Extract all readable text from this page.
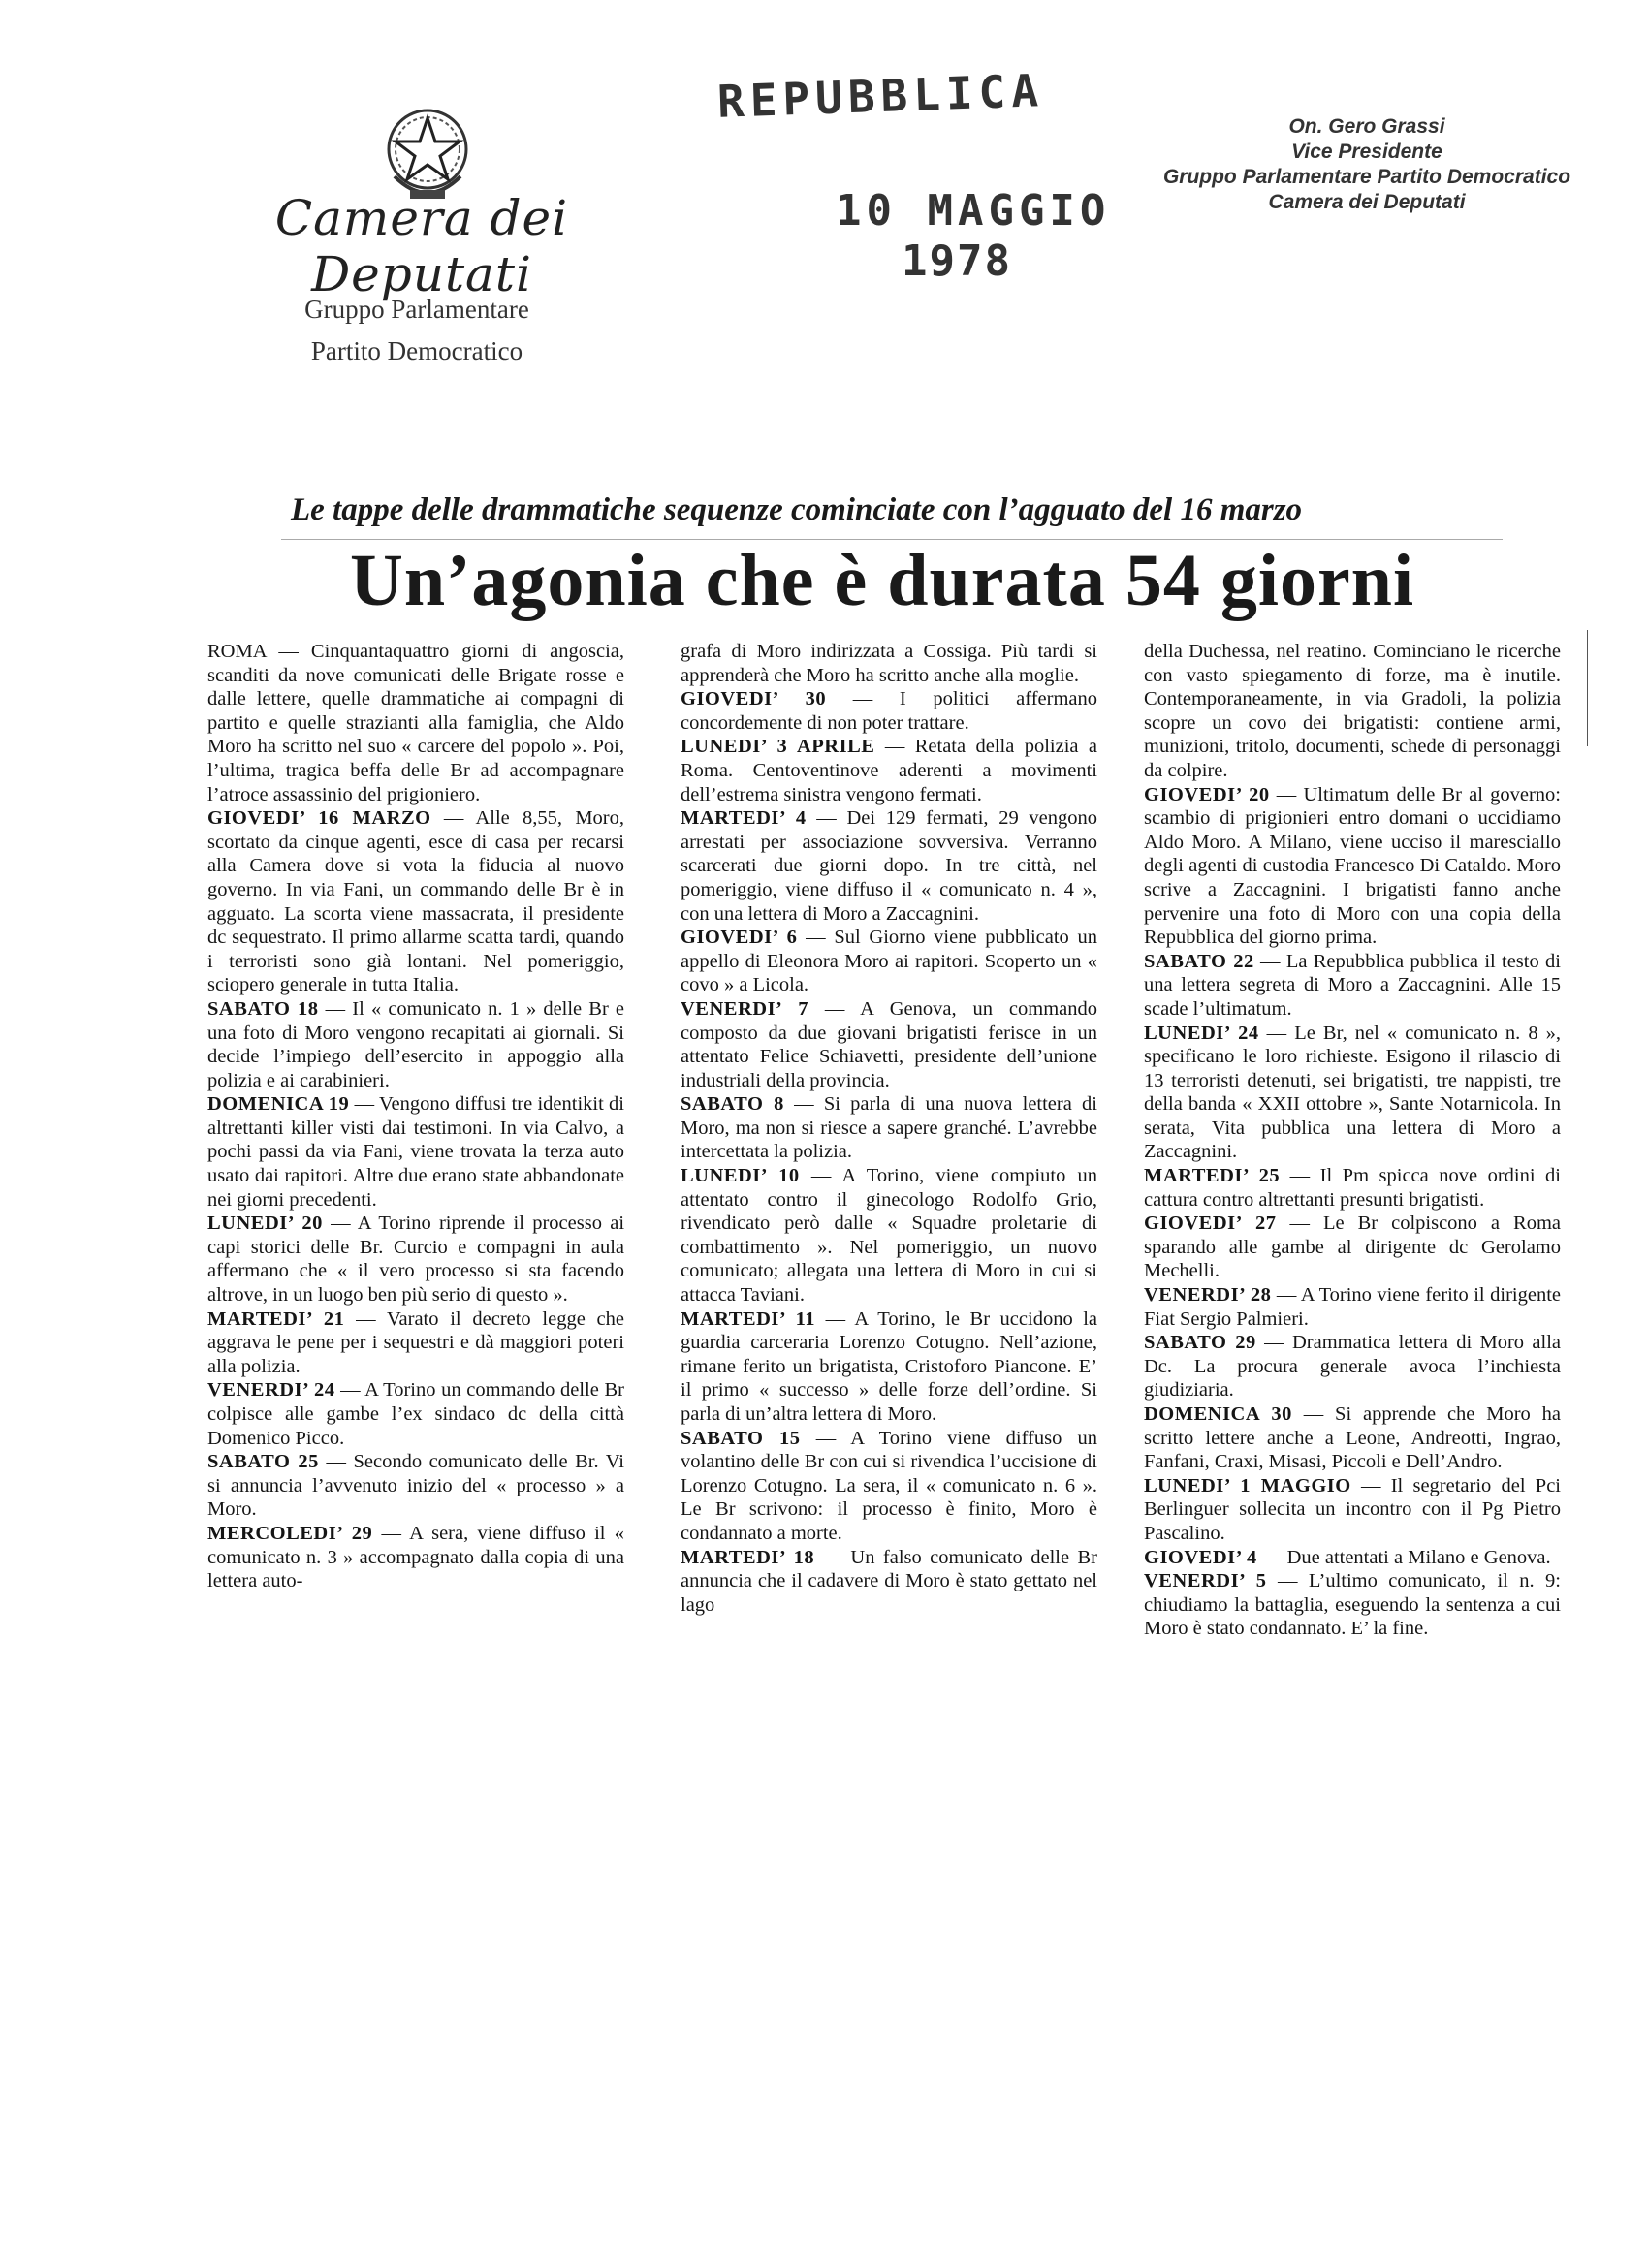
Camera dei Deputati
Gruppo Parlamentare
Partito Democratico
REPUBBLICA
10 MAGGIO
1978
On. Gero Grassi
Vice Presidente
Gruppo Parlamentare Partito Democratico
Camera dei Deputati
Le tappe delle drammatiche sequenze cominciate con l’agguato del 16 marzo
Un’agonia che è durata 54 giorni

ROMA — Cinquantaquattro giorni di angoscia, scanditi da nove comunicati delle Brigate rosse e dalle lettere, quelle drammatiche ai compagni di partito e quelle strazianti alla famiglia, che Aldo Moro ha scritto nel suo « carcere del popolo ». Poi, l’ultima, tragica beffa delle Br ad accompagnare l’atroce assassinio del prigioniero.

GIOVEDI’ 16 MARZO — Alle 8,55, Moro, scortato da cinque agenti, esce di casa per recarsi alla Camera dove si vota la fiducia al nuovo governo. In via Fani, un commando delle Br è in agguato. La scorta viene massacrata, il presidente dc sequestrato. Il primo allarme scatta tardi, quando i terroristi sono già lontani. Nel pomeriggio, sciopero generale in tutta Italia.

SABATO 18 — Il « comunicato n. 1 » delle Br e una foto di Moro vengono recapitati ai giornali. Si decide l’impiego dell’esercito in appoggio alla polizia e ai carabinieri.

DOMENICA 19 — Vengono diffusi tre identikit di altrettanti killer visti dai testimoni. In via Calvo, a pochi passi da via Fani, viene trovata la terza auto usato dai rapitori. Altre due erano state abbandonate nei giorni precedenti.

LUNEDI’ 20 — A Torino riprende il processo ai capi storici delle Br. Curcio e compagni in aula affermano che « il vero processo si sta facendo altrove, in un luogo ben più serio di questo ».

MARTEDI’ 21 — Varato il decreto legge che aggrava le pene per i sequestri e dà maggiori poteri alla polizia.

VENERDI’ 24 — A Torino un commando delle Br colpisce alle gambe l’ex sindaco dc della città Domenico Picco.

SABATO 25 — Secondo comunicato delle Br. Vi si annuncia l’avvenuto inizio del « processo » a Moro.

MERCOLEDI’ 29 — A sera, viene diffuso il « comunicato n. 3 » accompagnato dalla copia di una lettera auto-

grafa di Moro indirizzata a Cossiga. Più tardi si apprenderà che Moro ha scritto anche alla moglie.

GIOVEDI’ 30 — I politici affermano concordemente di non poter trattare.

LUNEDI’ 3 APRILE — Retata della polizia a Roma. Centoventinove aderenti a movimenti dell’estrema sinistra vengono fermati.

MARTEDI’ 4 — Dei 129 fermati, 29 vengono arrestati per associazione sovversiva. Verranno scarcerati due giorni dopo. In tre città, nel pomeriggio, viene diffuso il « comunicato n. 4 », con una lettera di Moro a Zaccagnini.

GIOVEDI’ 6 — Sul Giorno viene pubblicato un appello di Eleonora Moro ai rapitori. Scoperto un « covo » a Licola.

VENERDI’ 7 — A Genova, un commando composto da due giovani brigatisti ferisce in un attentato Felice Schiavetti, presidente dell’unione industriali della provincia.

SABATO 8 — Si parla di una nuova lettera di Moro, ma non si riesce a sapere granché. L’avrebbe intercettata la polizia.

LUNEDI’ 10 — A Torino, viene compiuto un attentato contro il ginecologo Rodolfo Grio, rivendicato però dalle « Squadre proletarie di combattimento ». Nel pomeriggio, un nuovo comunicato; allegata una lettera di Moro in cui si attacca Taviani.

MARTEDI’ 11 — A Torino, le Br uccidono la guardia carceraria Lorenzo Cotugno. Nell’azione, rimane ferito un brigatista, Cristoforo Piancone. E’ il primo « successo » delle forze dell’ordine. Si parla di un’altra lettera di Moro.

SABATO 15 — A Torino viene diffuso un volantino delle Br con cui si rivendica l’uccisione di Lorenzo Cotugno. La sera, il « comunicato n. 6 ». Le Br scrivono: il processo è finito, Moro è condannato a morte.

MARTEDI’ 18 — Un falso comunicato delle Br annuncia che il cadavere di Moro è stato gettato nel lago

della Duchessa, nel reatino. Cominciano le ricerche con vasto spiegamento di forze, ma è inutile. Contemporaneamente, in via Gradoli, la polizia scopre un covo dei brigatisti: contiene armi, munizioni, tritolo, documenti, schede di personaggi da colpire.

GIOVEDI’ 20 — Ultimatum delle Br al governo: scambio di prigionieri entro domani o uccidiamo Aldo Moro. A Milano, viene ucciso il maresciallo degli agenti di custodia Francesco Di Cataldo. Moro scrive a Zaccagnini. I brigatisti fanno anche pervenire una foto di Moro con una copia della Repubblica del giorno prima.

SABATO 22 — La Repubblica pubblica il testo di una lettera segreta di Moro a Zaccagnini. Alle 15 scade l’ultimatum.

LUNEDI’ 24 — Le Br, nel « comunicato n. 8 », specificano le loro richieste. Esigono il rilascio di 13 terroristi detenuti, sei brigatisti, tre nappisti, tre della banda « XXII ottobre », Sante Notarnicola. In serata, Vita pubblica una lettera di Moro a Zaccagnini.

MARTEDI’ 25 — Il Pm spicca nove ordini di cattura contro altrettanti presunti brigatisti.

GIOVEDI’ 27 — Le Br colpiscono a Roma sparando alle gambe al dirigente dc Gerolamo Mechelli.

VENERDI’ 28 — A Torino viene ferito il dirigente Fiat Sergio Palmieri.

SABATO 29 — Drammatica lettera di Moro alla Dc. La procura generale avoca l’inchiesta giudiziaria.

DOMENICA 30 — Si apprende che Moro ha scritto lettere anche a Leone, Andreotti, Ingrao, Fanfani, Craxi, Misasi, Piccoli e Dell’Andro.

LUNEDI’ 1 MAGGIO — Il segretario del Pci Berlinguer sollecita un incontro con il Pg Pietro Pascalino.

GIOVEDI’ 4 — Due attentati a Milano e Genova.

VENERDI’ 5 — L’ultimo comunicato, il n. 9: chiudiamo la battaglia, eseguendo la sentenza a cui Moro è stato condannato. E’ la fine.
